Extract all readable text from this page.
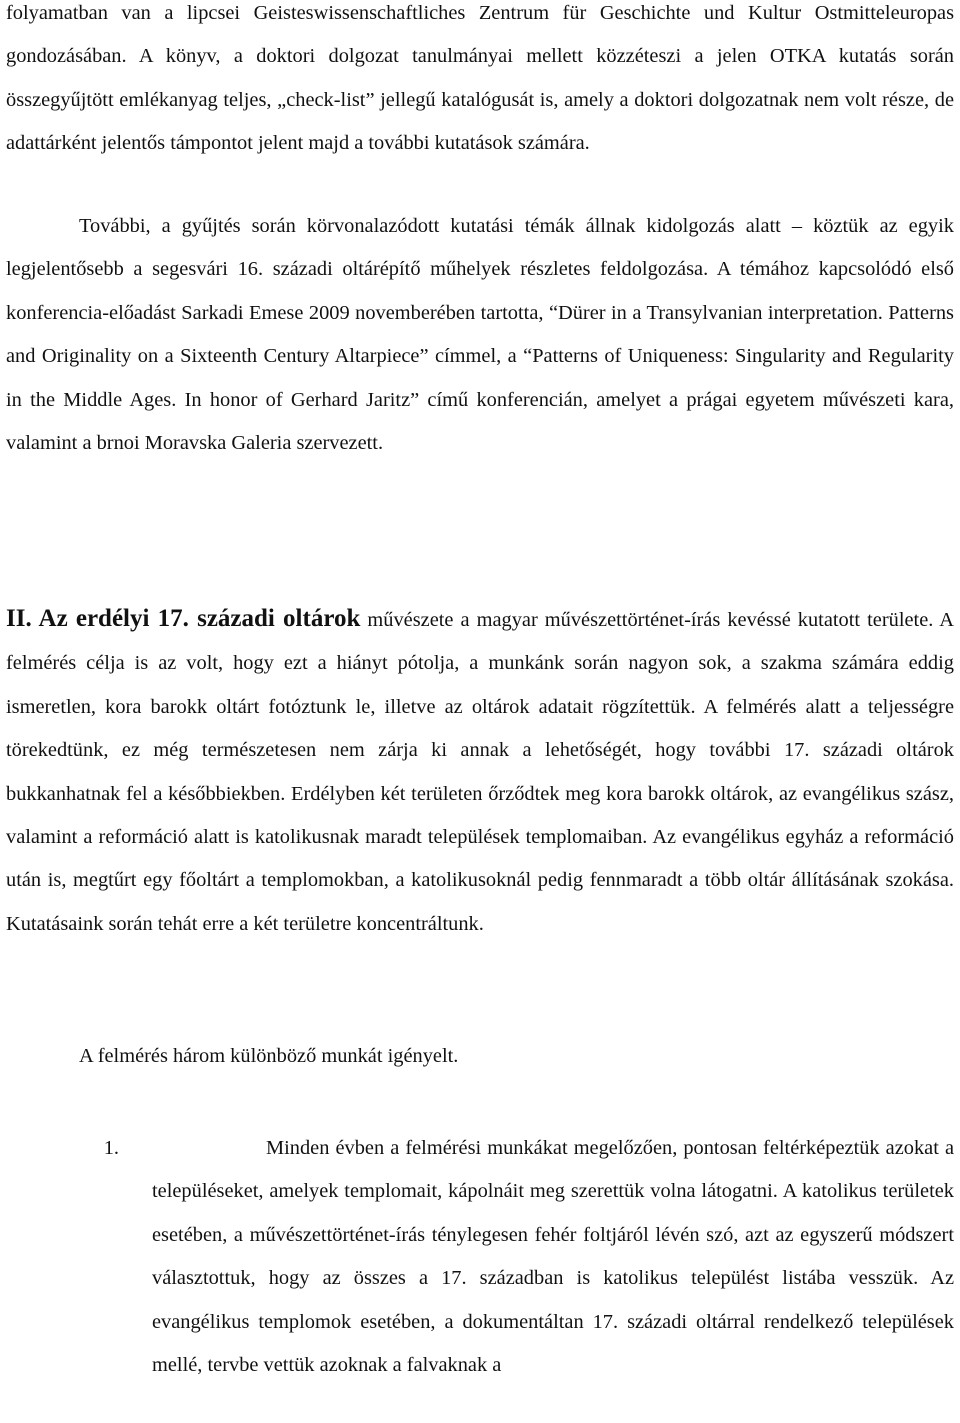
folyamatban van a lipcsei Geisteswissenschaftliches Zentrum für Geschichte und Kultur Ostmitteleuropas gondozásában. A könyv, a doktori dolgozat tanulmányai mellett közzéteszi a jelen OTKA kutatás során összegyűjtött emlékanyag teljes, „check-list” jellegű katalógusát is, amely a doktori dolgozatnak nem volt része, de adattárként jelentős támpontot jelent majd a további kutatások számára.

További, a gyűjtés során körvonalazódott kutatási témák állnak kidolgozás alatt – köztük az egyik legjelentősebb a segesvári 16. századi oltárépítő műhelyek részletes feldolgozása. A témához kapcsolódó első konferencia-előadást Sarkadi Emese 2009 novemberében tartotta, “Dürer in a Transylvanian interpretation. Patterns and Originality on a Sixteenth Century Altarpiece” címmel, a “Patterns of Uniqueness: Singularity and Regularity in the Middle Ages. In honor of Gerhard Jaritz” című konferencián, amelyet a prágai egyetem művészeti kara, valamint a brnoi Moravska Galeria szervezett.

II. Az erdélyi 17. századi oltárok művészete a magyar művészettörténet-írás kevéssé kutatott területe. A felmérés célja is az volt, hogy ezt a hiányt pótolja, a munkánk során nagyon sok, a szakma számára eddig ismeretlen, kora barokk oltárt fotóztunk le, illetve az oltárok adatait rögzítettük. A felmérés alatt a teljességre törekedtünk, ez még természetesen nem zárja ki annak a lehetőségét, hogy további 17. századi oltárok bukkanhatnak fel a későbbiekben. Erdélyben két területen őrződtek meg kora barokk oltárok, az evangélikus szász, valamint a reformáció alatt is katolikusnak maradt települések templomaiban. Az evangélikus egyház a reformáció után is, megtűrt egy főoltárt a templomokban, a katolikusoknál pedig fennmaradt a több oltár állításának szokása. Kutatásaink során tehát erre a két területre koncentráltunk.

A felmérés három különböző munkát igényelt.

1.	Minden évben a felmérési munkákat megelőzően, pontosan feltérképeztük azokat a településeket, amelyek templomait, kápolnáit meg szerettük volna látogatni. A katolikus területek esetében, a művészettörténet-írás ténylegesen fehér foltjáról lévén szó, azt az egyszerű módszert választottuk, hogy az összes a 17. században is katolikus települést listába vesszük. Az evangélikus templomok esetében, a dokumentáltan 17. századi oltárral rendelkező települések mellé, tervbe vettük azoknak a falvaknak a
